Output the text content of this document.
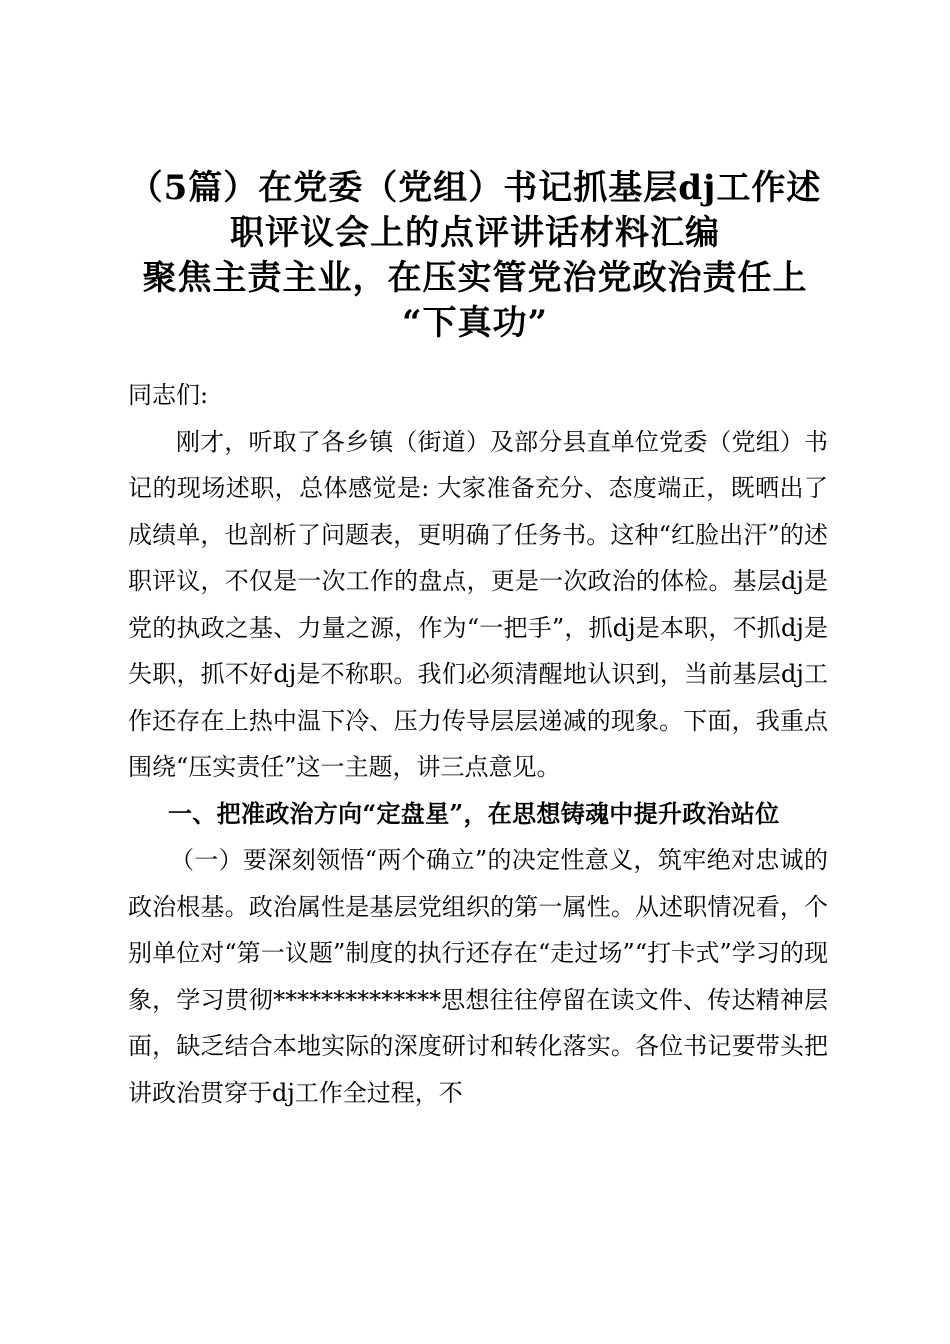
（5篇）在党委（党组）书记抓基层dj工作述
职评议会上的点评讲话材料汇编
聚焦主责主业，在压实管党治党政治责任上
“下真功”

同志们:

刚才，听取了各乡镇（街道）及部分县直单位党委（党组）书记的现场述职，总体感觉是: 大家准备充分、态度端正，既晒出了成绩单，也剖析了问题表，更明确了任务书。这种“红脸出汗”的述职评议，不仅是一次工作的盘点，更是一次政治的体检。基层dj是党的执政之基、力量之源，作为“一把手”，抓dj是本职，不抓dj是失职，抓不好dj是不称职。我们必须清醒地认识到，当前基层dj工作还存在上热中温下冷、压力传导层层递减的现象。下面，我重点围绕“压实责任”这一主题，讲三点意见。

一、把准政治方向“定盘星”，在思想铸魂中提升政治站位

（一）要深刻领悟“两个确立”的决定性意义，筑牢绝对忠诚的政治根基。政治属性是基层党组织的第一属性。从述职情况看，个别单位对“第一议题”制度的执行还存在“走过场”“打卡式”学习的现象，学习贯彻**************思想往往停留在读文件、传达精神层面，缺乏结合本地实际的深度研讨和转化落实。各位书记要带头把讲政治贯穿于dj工作全过程，不
